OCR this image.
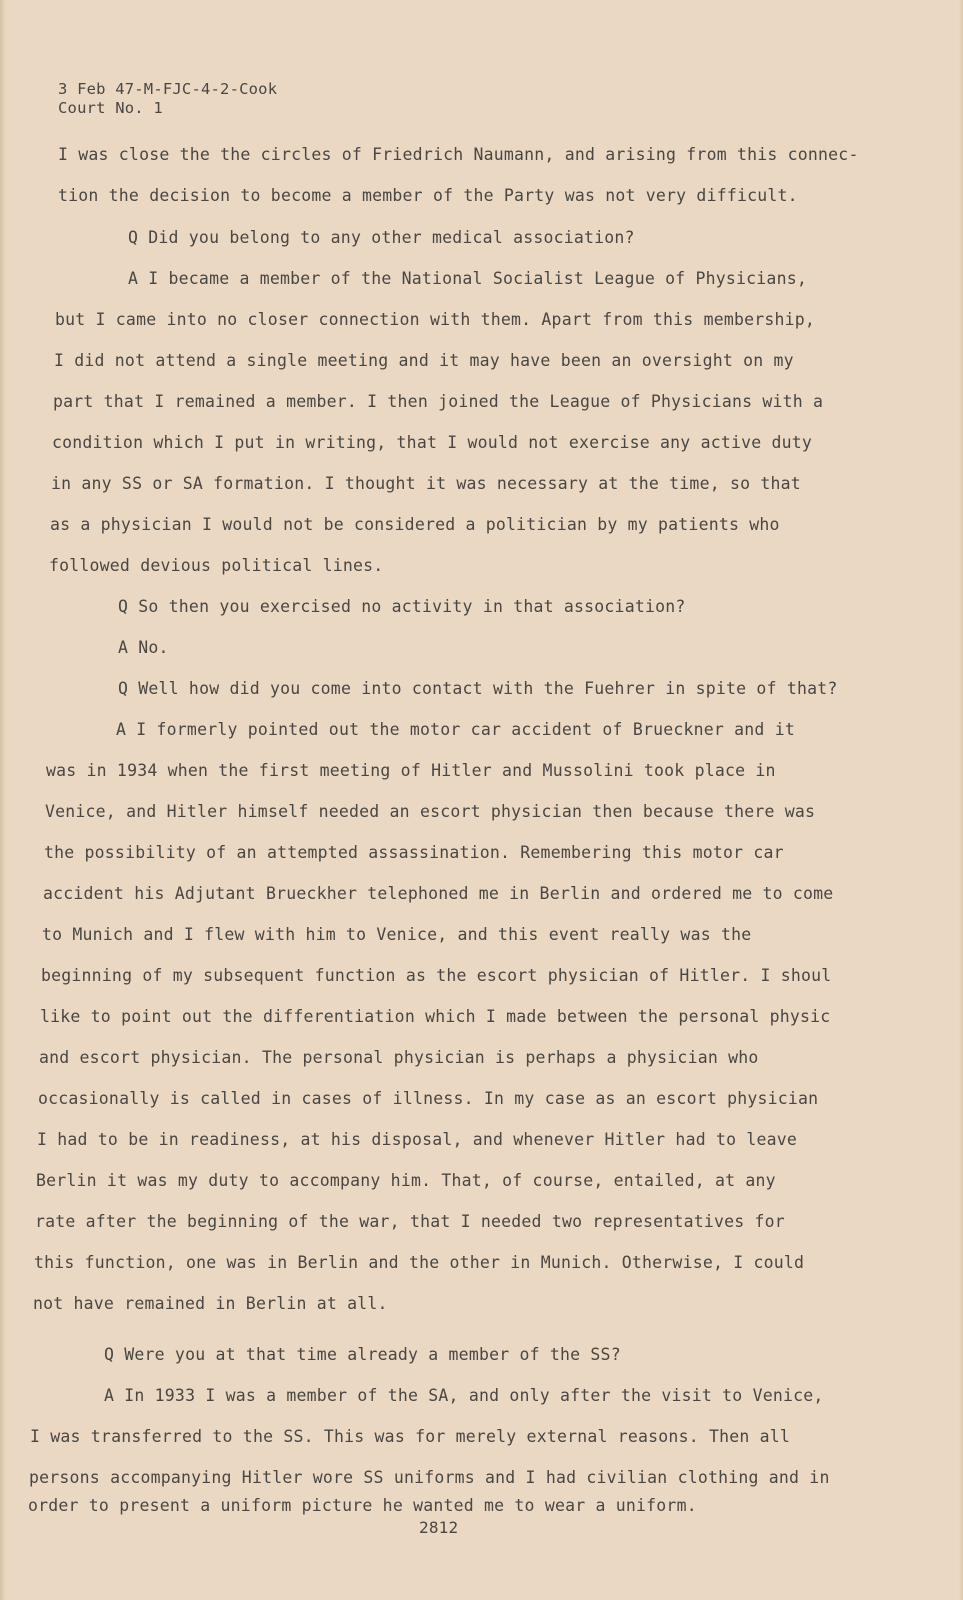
3 Feb 47-M-FJC-4-2-Cook
Court No. 1
I was close the the circles of Friedrich Naumann, and arising from this connec-
tion the decision to become a member of the Party was not very difficult.
Q Did you belong to any other medical association?
A I became a member of the National Socialist League of Physicians,
but I came into no closer connection with them. Apart from this membership,
I did not attend a single meeting and it may have been an oversight on my
part that I remained a member. I then joined the League of Physicians with a
condition which I put in writing, that I would not exercise any active duty
in any SS or SA formation. I thought it was necessary at the time, so that
as a physician I would not be considered a politician by my patients who
followed devious political lines.
Q So then you exercised no activity in that association?
A No.
Q Well how did you come into contact with the Fuehrer in spite of that?
A I formerly pointed out the motor car accident of Brueckner and it
was in 1934 when the first meeting of Hitler and Mussolini took place in
Venice, and Hitler himself needed an escort physician then because there was
the possibility of an attempted assassination. Remembering this motor car
accident his Adjutant Brueckher telephoned me in Berlin and ordered me to come
to Munich and I flew with him to Venice, and this event really was the
beginning of my subsequent function as the escort physician of Hitler. I shoul
like to point out the differentiation which I made between the personal physic
and escort physician. The personal physician is perhaps a physician who
occasionally is called in cases of illness. In my case as an escort physician
I had to be in readiness, at his disposal, and whenever Hitler had to leave
Berlin it was my duty to accompany him. That, of course, entailed, at any
rate after the beginning of the war, that I needed two representatives for
this function, one was in Berlin and the other in Munich. Otherwise, I could
not have remained in Berlin at all.
Q Were you at that time already a member of the SS?
A In 1933 I was a member of the SA, and only after the visit to Venice,
I was transferred to the SS. This was for merely external reasons. Then all
persons accompanying Hitler wore SS uniforms and I had civilian clothing and in
order to present a uniform picture he wanted me to wear a uniform.
2812
